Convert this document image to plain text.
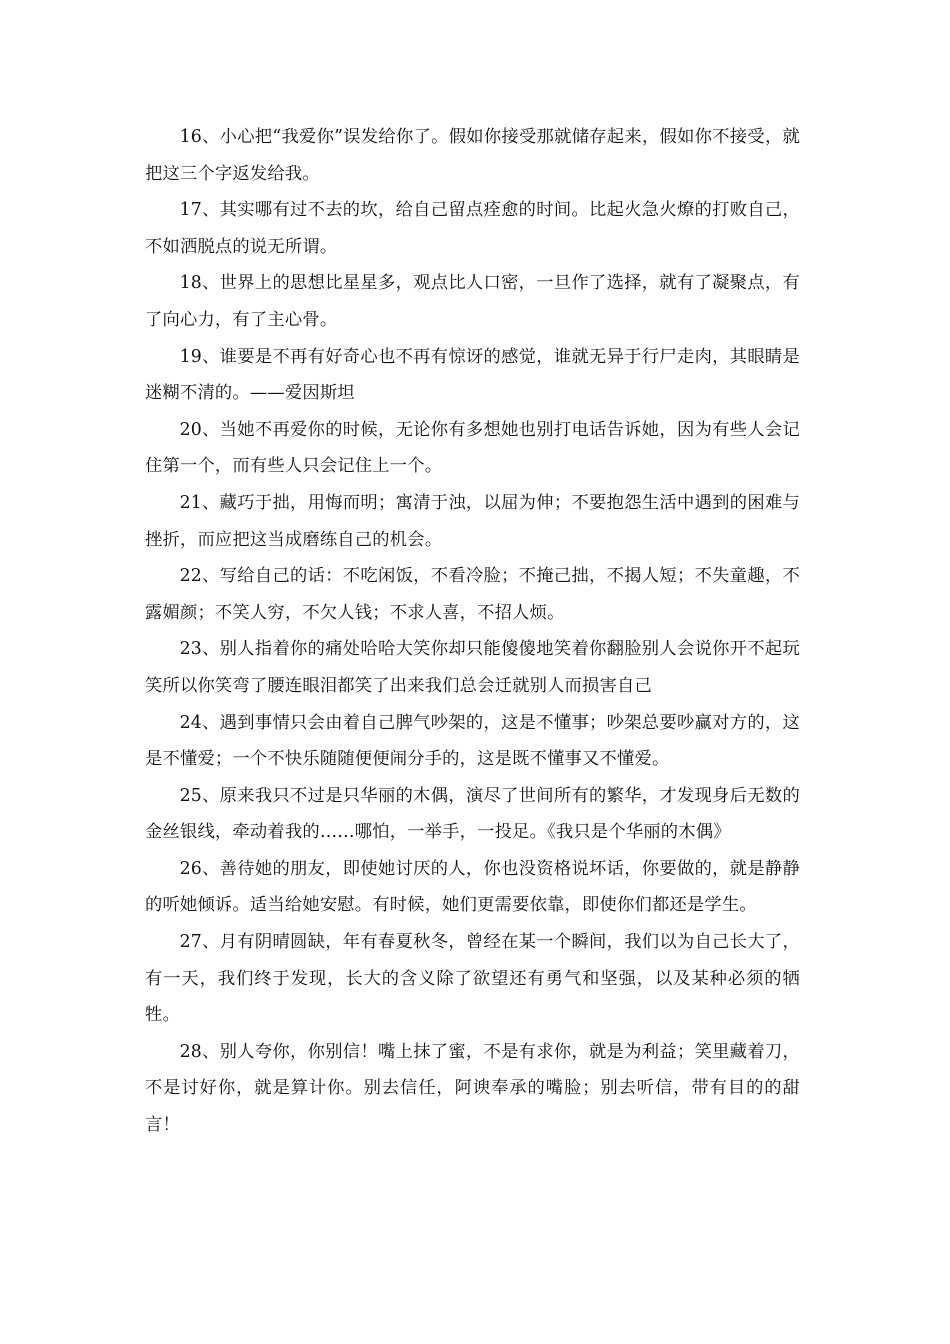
16、小心把“我爱你”误发给你了。假如你接受那就储存起来，假如你不接受，就把这三个字返发给我。

17、其实哪有过不去的坎，给自己留点痊愈的时间。比起火急火燎的打败自己，不如洒脱点的说无所谓。

18、世界上的思想比星星多，观点比人口密，一旦作了选择，就有了凝聚点，有了向心力，有了主心骨。

19、谁要是不再有好奇心也不再有惊讶的感觉，谁就无异于行尸走肉，其眼睛是迷糊不清的。——爱因斯坦

20、当她不再爱你的时候，无论你有多想她也别打电话告诉她，因为有些人会记住第一个，而有些人只会记住上一个。

21、藏巧于拙，用悔而明；寓清于浊，以屈为伸；不要抱怨生活中遇到的困难与挫折，而应把这当成磨练自己的机会。

22、写给自己的话：不吃闲饭，不看冷脸；不掩己拙，不揭人短；不失童趣，不露媚颜；不笑人穷，不欠人钱；不求人喜，不招人烦。

23、别人指着你的痛处哈哈大笑你却只能傻傻地笑着你翻脸别人会说你开不起玩笑所以你笑弯了腰连眼泪都笑了出来我们总会迁就别人而损害自己

24、遇到事情只会由着自己脾气吵架的，这是不懂事；吵架总要吵赢对方的，这是不懂爱；一个不快乐随随便便闹分手的，这是既不懂事又不懂爱。

25、原来我只不过是只华丽的木偶，演尽了世间所有的繁华，才发现身后无数的金丝银线，牵动着我的……哪怕，一举手，一投足。《我只是个华丽的木偶》

26、善待她的朋友，即使她讨厌的人，你也没资格说坏话，你要做的，就是静静的听她倾诉。适当给她安慰。有时候，她们更需要依靠，即使你们都还是学生。

27、月有阴晴圆缺，年有春夏秋冬，曾经在某一个瞬间，我们以为自己长大了，有一天，我们终于发现，长大的含义除了欲望还有勇气和坚强，以及某种必须的牺牲。

28、别人夸你，你别信！嘴上抹了蜜，不是有求你，就是为利益；笑里藏着刀，不是讨好你，就是算计你。别去信任，阿谀奉承的嘴脸；别去听信，带有目的的甜言！
